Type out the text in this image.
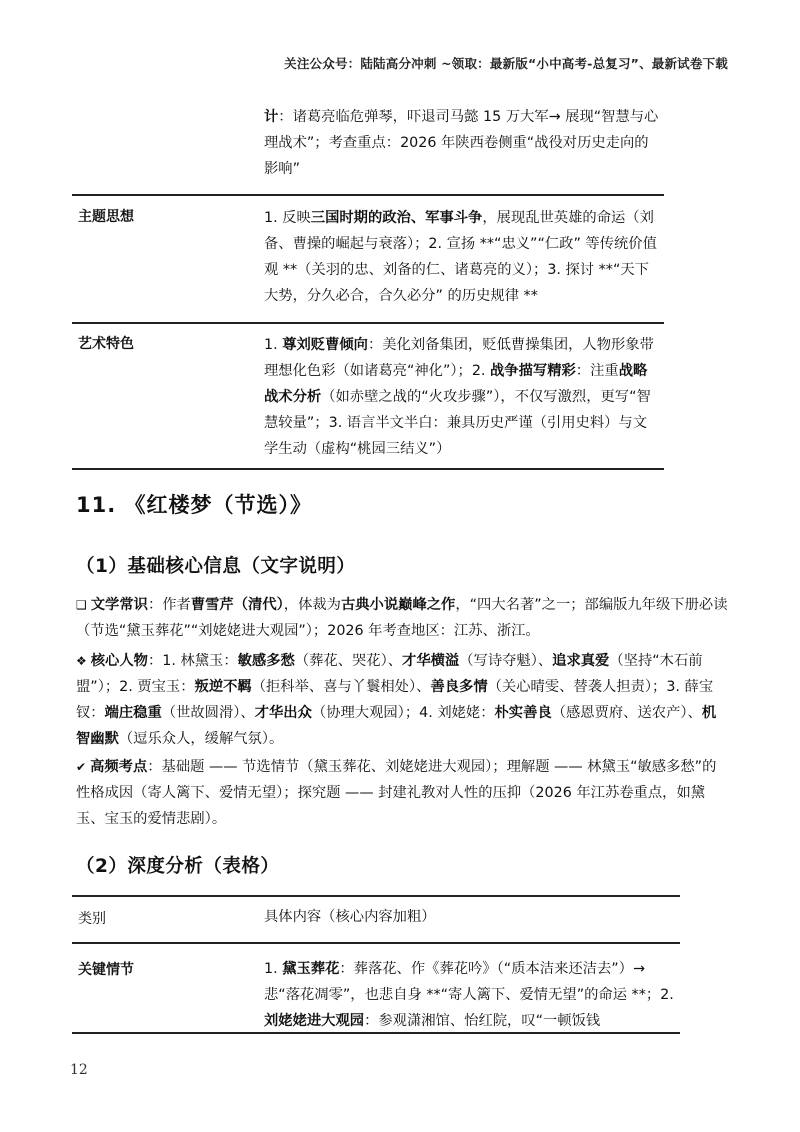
关注公众号：陆陆高分冲刺 ~领取：最新版“小中高考-总复习”、最新试卷下载
计：诸葛亮临危弹琴，吓退司马懿 15 万大军→ 展现“智慧与心理战术”；考查重点：2026 年陕西卷侧重“战役对历史走向的影响”
主题思想	1. 反映三国时期的政治、军事斗争，展现乱世英雄的命运（刘备、曹操的崛起与衰落）；2. 宣扬 **“忠义”“仁政” 等传统价值观 **（关羽的忠、刘备的仁、诸葛亮的义）；3. 探讨 **“天下大势，分久必合，合久必分” 的历史规律 **
艺术特色	1. 尊刘贬曹倾向：美化刘备集团，贬低曹操集团，人物形象带理想化色彩（如诸葛亮“神化”）；2. 战争描写精彩：注重战略战术分析（如赤壁之战的“火攻步骤”），不仅写激烈，更写“智慧较量”；3. 语言半文半白：兼具历史严谨（引用史料）与文学生动（虚构“桃园三结义”）
11. 《红楼梦（节选）》
（1）基础核心信息（文字说明）
❑ 文学常识：作者曹雪芹（清代），体裁为古典小说巅峰之作，“四大名著”之一；部编版九年级下册必读（节选“黛玉葬花”“刘姥姥进大观园”）；2026 年考查地区：江苏、浙江。
❖ 核心人物：1. 林黛玉：敏感多愁（葬花、哭花）、才华横溢（写诗夺魁）、追求真爱（坚持“木石前盟”）；2. 贾宝玉：叛逆不羁（拒科举、喜与丫鬟相处）、善良多情（关心晴雯、替袭人担责）；3. 薛宝钗：端庄稳重（世故圆滑）、才华出众（协理大观园）；4. 刘姥姥：朴实善良（感恩贾府、送农产）、机智幽默（逗乐众人，缓解气氛）。
✔ 高频考点：基础题 —— 节选情节（黛玉葬花、刘姥姥进大观园）；理解题 —— 林黛玉“敏感多愁”的性格成因（寄人篱下、爱情无望）；探究题 —— 封建礼教对人性的压抑（2026 年江苏卷重点，如黛玉、宝玉的爱情悲剧）。
（2）深度分析（表格）
类别	具体内容（核心内容加粗）
关键情节	1. 黛玉葬花：葬落花、作《葬花吟》（“质本洁来还洁去”）→ 悲“落花凋零”，也悲自身 **“寄人篱下、爱情无望”的命运 **；2. 刘姥姥进大观园：参观潇湘馆、怡红院，叹“一顿饭钱
12
